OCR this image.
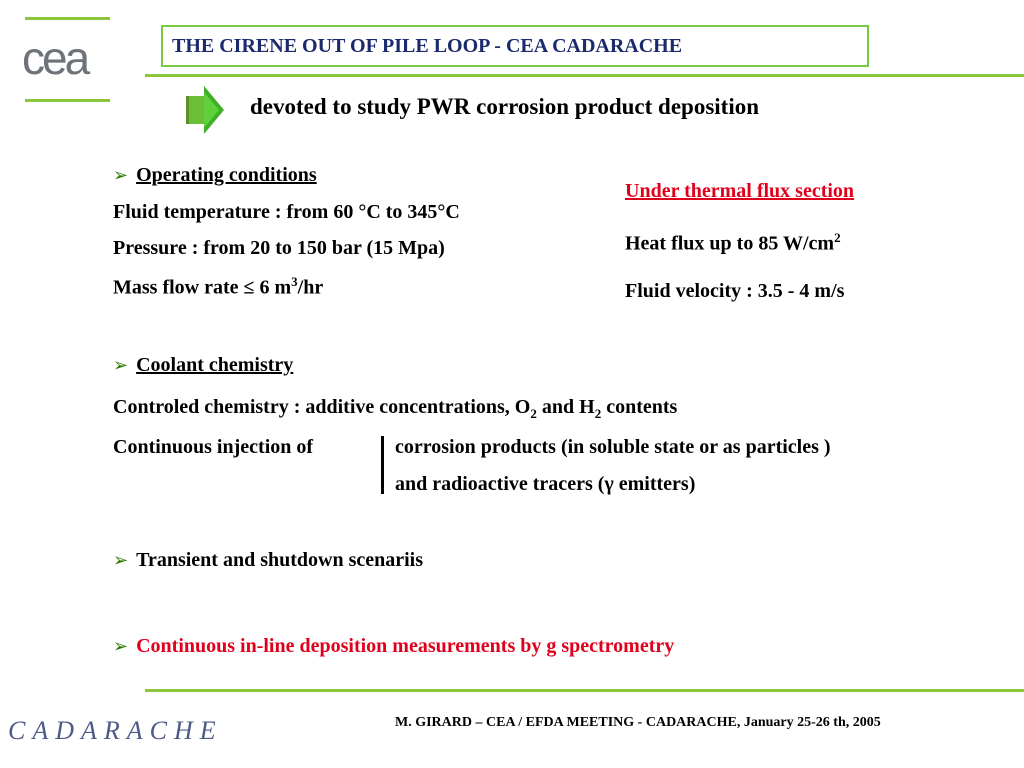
cea	THE CIRENE OUT OF PILE LOOP - CEA CADARACHE
devoted to study PWR corrosion product deposition
➢ Operating conditions
Fluid temperature : from 60 °C to 345°C
Pressure : from 20 to 150 bar (15 Mpa)
Mass flow rate ≤ 6 $m^3/hr$
Under thermal flux section
Heat flux up to 85 $W/cm^2$
Fluid velocity : 3.5 - 4 m/s
➢ Coolant chemistry
Controled chemistry : additive concentrations, $O_2$ and $H_2$ contents
Continuous injection of	corrosion products (in soluble state or as particles )
and radioactive tracers (γ emitters)
➢ Transient and shutdown scenariis
➢ Continuous in-line deposition measurements by g spectrometry
CADARACHE	M. GIRARD – CEA / EFDA MEETING - CADARACHE, January 25-26 th, 2005
